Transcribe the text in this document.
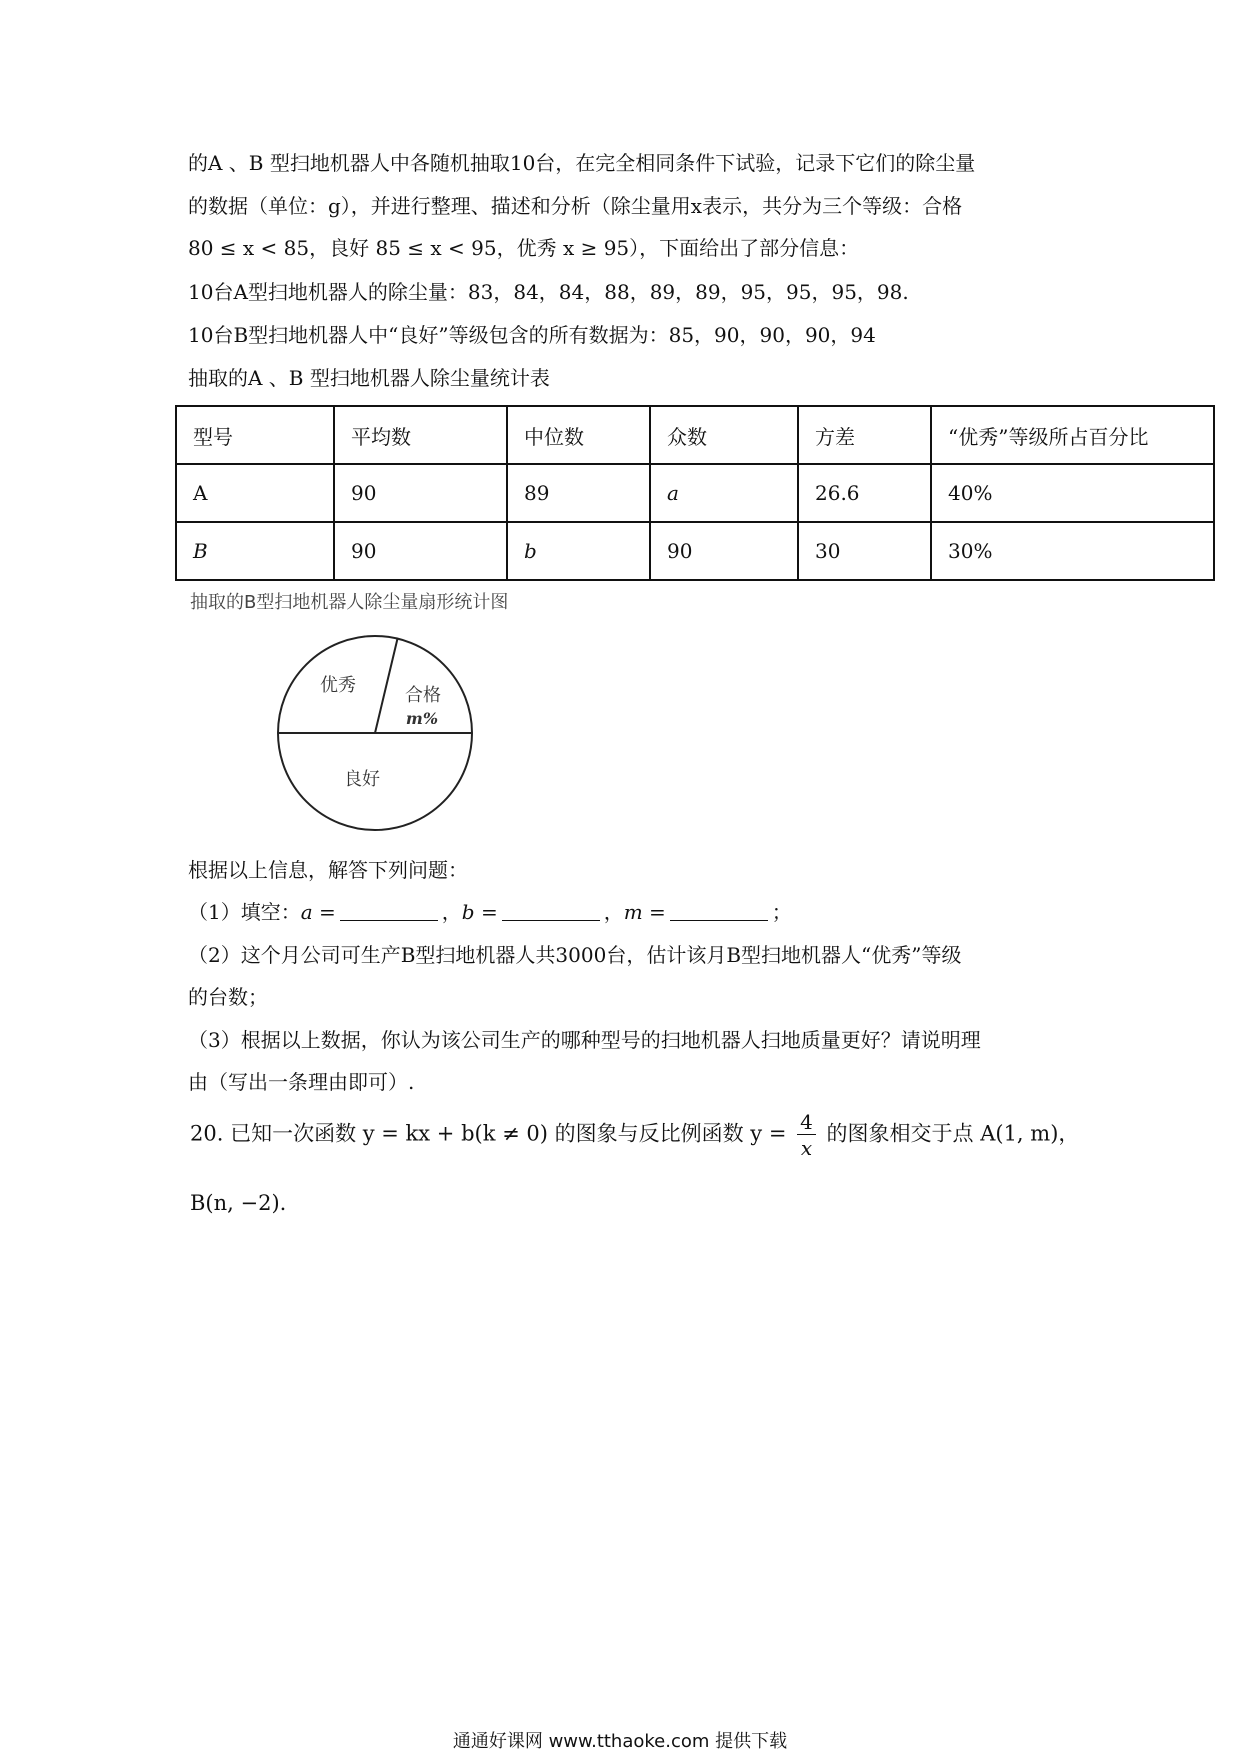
的A 、B 型扫地机器人中各随机抽取10台，在完全相同条件下试验，记录下它们的除尘量
的数据（单位：g），并进行整理、描述和分析（除尘量用x表示，共分为三个等级：合格
80 ≤ x < 85，良好 85 ≤ x < 95，优秀 x ≥ 95），下面给出了部分信息：
10台A型扫地机器人的除尘量：83，84，84，88，89，89，95，95，95，98.
10台B型扫地机器人中“良好”等级包含的所有数据为：85，90，90，90，94
抽取的A 、B 型扫地机器人除尘量统计表
型号	平均数	中位数	众数	方差	“优秀”等级所占百分比
A	90	89	a	26.6	40%
B	90	b	90	30	30%
抽取的B型扫地机器人除尘量扇形统计图
优秀	合格
m%
良好
根据以上信息，解答下列问题：
（1）填空：a =	，b =	，m =	；
（2）这个月公司可生产B型扫地机器人共3000台，估计该月B型扫地机器人“优秀”等级
的台数；
（3）根据以上数据，你认为该公司生产的哪种型号的扫地机器人扫地质量更好？请说明理
由（写出一条理由即可）.
20. 已知一次函数 y = kx + b(k ≠ 0) 的图象与反比例函数 $y = \frac{4}{x}$ 的图象相交于点 A(1, m)，
B(n, −2).
通通好课网 www.tthaoke.com 提供下载
